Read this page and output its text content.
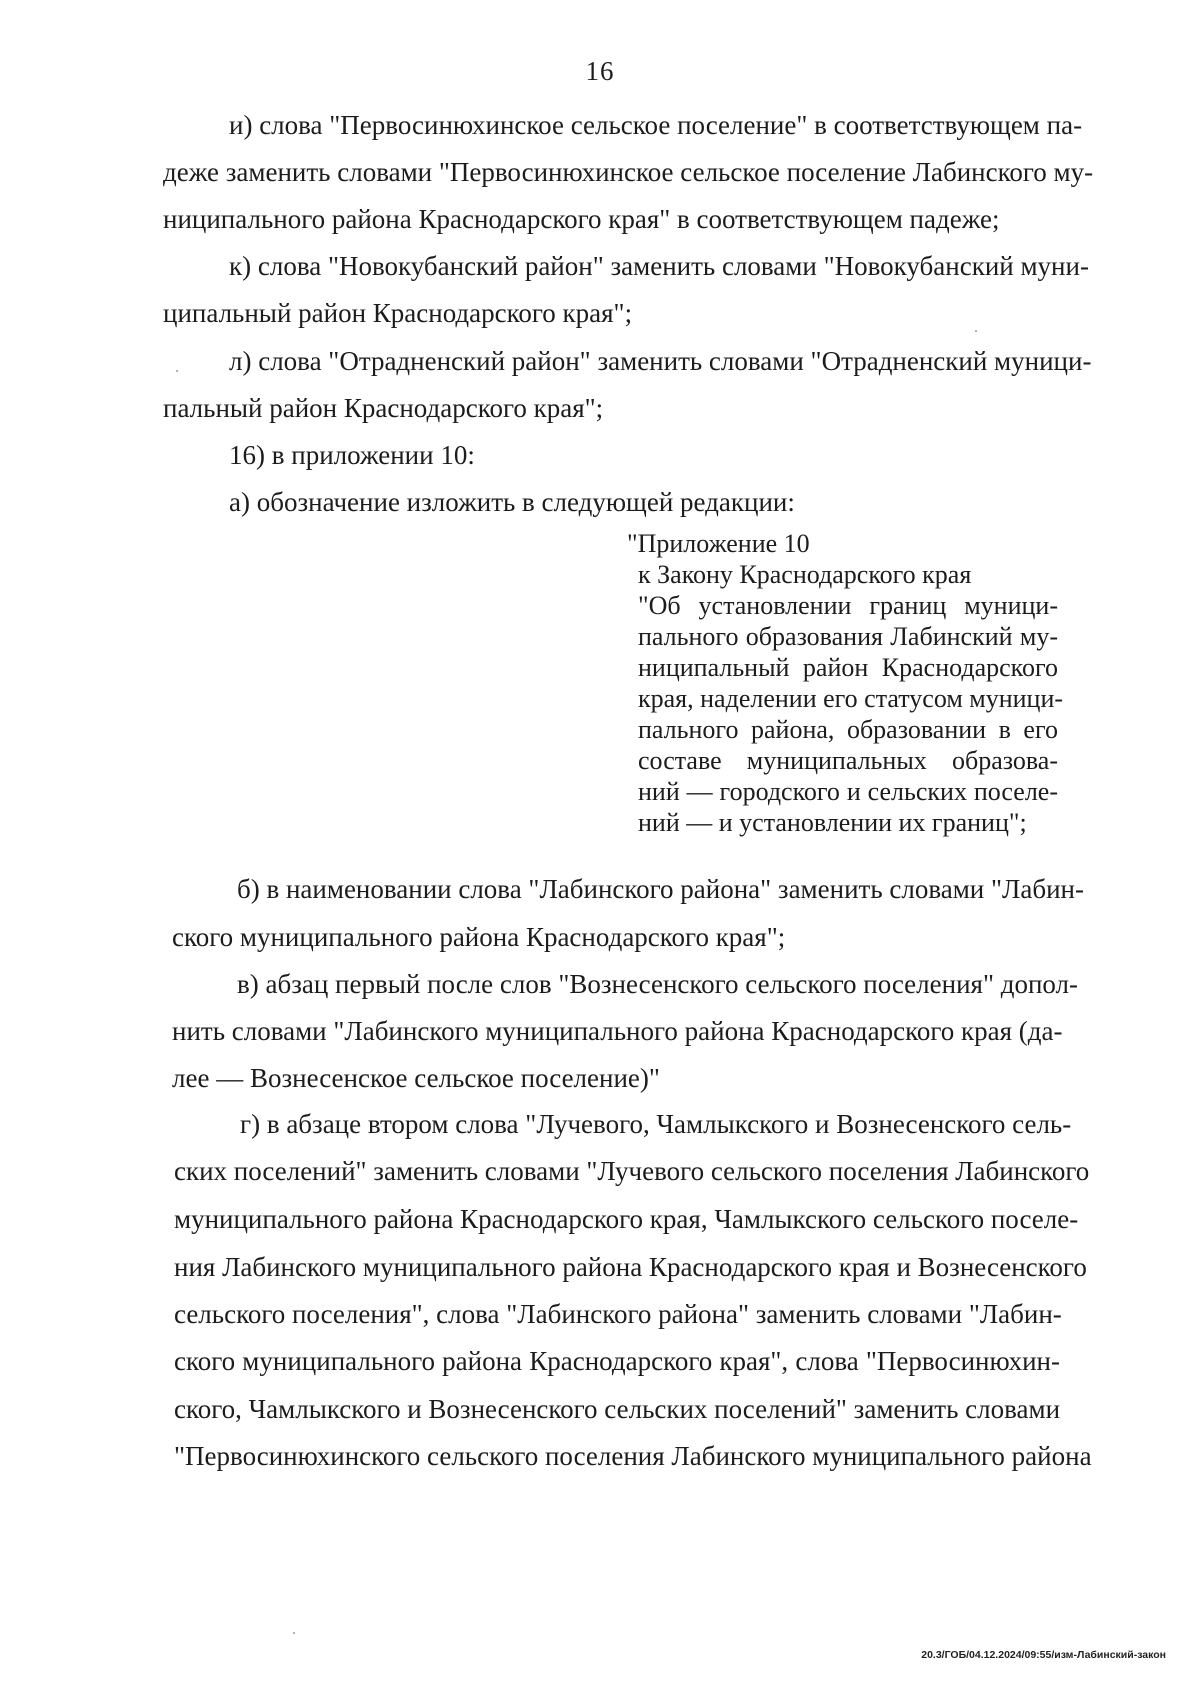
16
и) слова "Первосинюхинское сельское поселение" в соответствующем па-
деже заменить словами "Первосинюхинское сельское поселение Лабинского му-
ниципального района Краснодарского края" в соответствующем падеже;
к) слова "Новокубанский район" заменить словами "Новокубанский муни-
ципальный район Краснодарского края";
л) слова "Отрадненский район" заменить словами "Отрадненский муници-
пальный район Краснодарского края";
16) в приложении 10:
а) обозначение изложить в следующей редакции:
"Приложение 10
к Закону Краснодарского края
"Об установлении границ муници-
пального образования Лабинский му-
ниципальный район Краснодарского
края, наделении его статусом муници-
пального района, образовании в его
составе муниципальных образова-
ний — городского и сельских поселе-
ний — и установлении их границ";
б) в наименовании слова "Лабинского района" заменить словами "Лабин-
ского муниципального района Краснодарского края";
в) абзац первый после слов "Вознесенского сельского поселения" допол-
нить словами "Лабинского муниципального района Краснодарского края (да-
лее — Вознесенское сельское поселение)"
г) в абзаце втором слова "Лучевого, Чамлыкского и Вознесенского сель-
ских поселений" заменить словами "Лучевого сельского поселения Лабинского
муниципального района Краснодарского края, Чамлыкского сельского поселе-
ния Лабинского муниципального района Краснодарского края и Вознесенского
сельского поселения", слова "Лабинского района" заменить словами "Лабин-
ского муниципального района Краснодарского края", слова "Первосинюхин-
ского, Чамлыкского и Вознесенского сельских поселений" заменить словами
"Первосинюхинского сельского поселения Лабинского муниципального района
20.3/ГОБ/04.12.2024/09:55/изм-Лабинский-закон
